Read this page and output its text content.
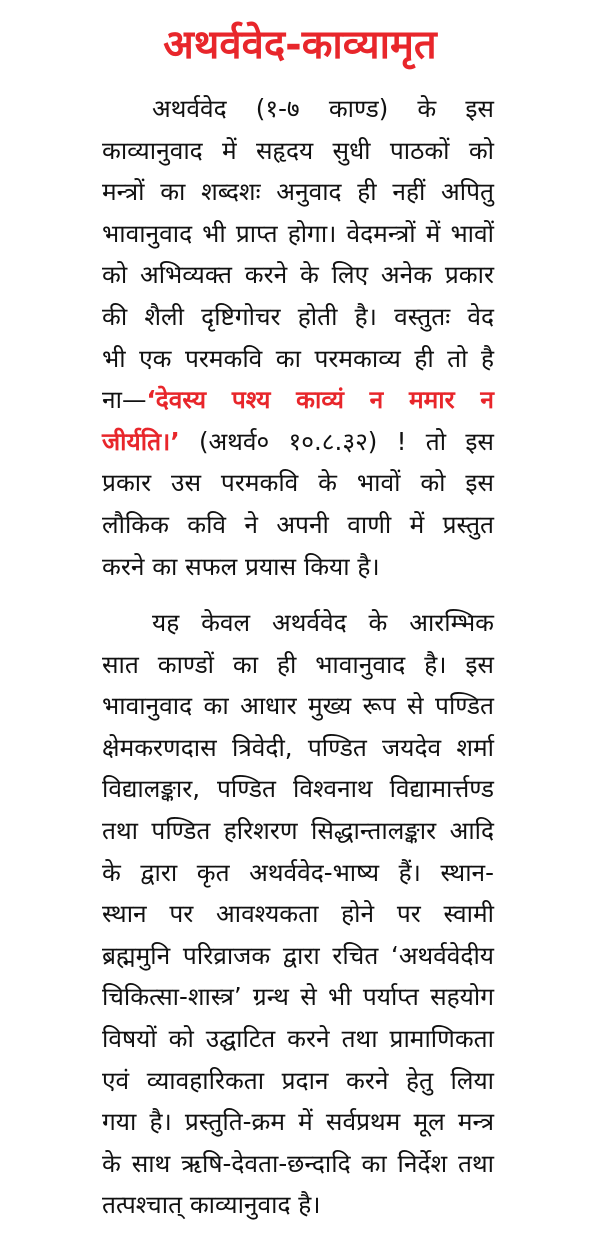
अथर्ववेद-काव्यामृत
अथर्ववेद (१-७ काण्ड) के इस
काव्यानुवाद में सहृदय सुधी पाठकों को
मन्त्रों का शब्दशः अनुवाद ही नहीं अपितु
भावानुवाद भी प्राप्त होगा। वेदमन्त्रों में भावों
को अभिव्यक्त करने के लिए अनेक प्रकार
की शैली दृष्टिगोचर होती है। वस्तुतः वेद
भी एक परमकवि का परमकाव्य ही तो है
ना—‘देवस्य पश्य काव्यं न ममार न
जीर्यति।’ (अथर्व० १०.८.३२) ! तो इस
प्रकार उस परमकवि के भावों को इस
लौकिक कवि ने अपनी वाणी में प्रस्तुत
करने का सफल प्रयास किया है।
यह केवल अथर्ववेद के आरम्भिक
सात काण्डों का ही भावानुवाद है। इस
भावानुवाद का आधार मुख्य रूप से पण्डित
क्षेमकरणदास त्रिवेदी, पण्डित जयदेव शर्मा
विद्यालङ्कार, पण्डित विश्वनाथ विद्यामार्त्तण्ड
तथा पण्डित हरिशरण सिद्धान्तालङ्कार आदि
के द्वारा कृत अथर्ववेद-भाष्य हैं। स्थान-
स्थान पर आवश्यकता होने पर स्वामी
ब्रह्ममुनि परिव्राजक द्वारा रचित ‘अथर्ववेदीय
चिकित्सा-शास्त्र’ ग्रन्थ से भी पर्याप्त सहयोग
विषयों को उद्घाटित करने तथा प्रामाणिकता
एवं व्यावहारिकता प्रदान करने हेतु लिया
गया है। प्रस्तुति-क्रम में सर्वप्रथम मूल मन्त्र
के साथ ऋषि-देवता-छन्दादि का निर्देश तथा
तत्पश्चात् काव्यानुवाद है।
